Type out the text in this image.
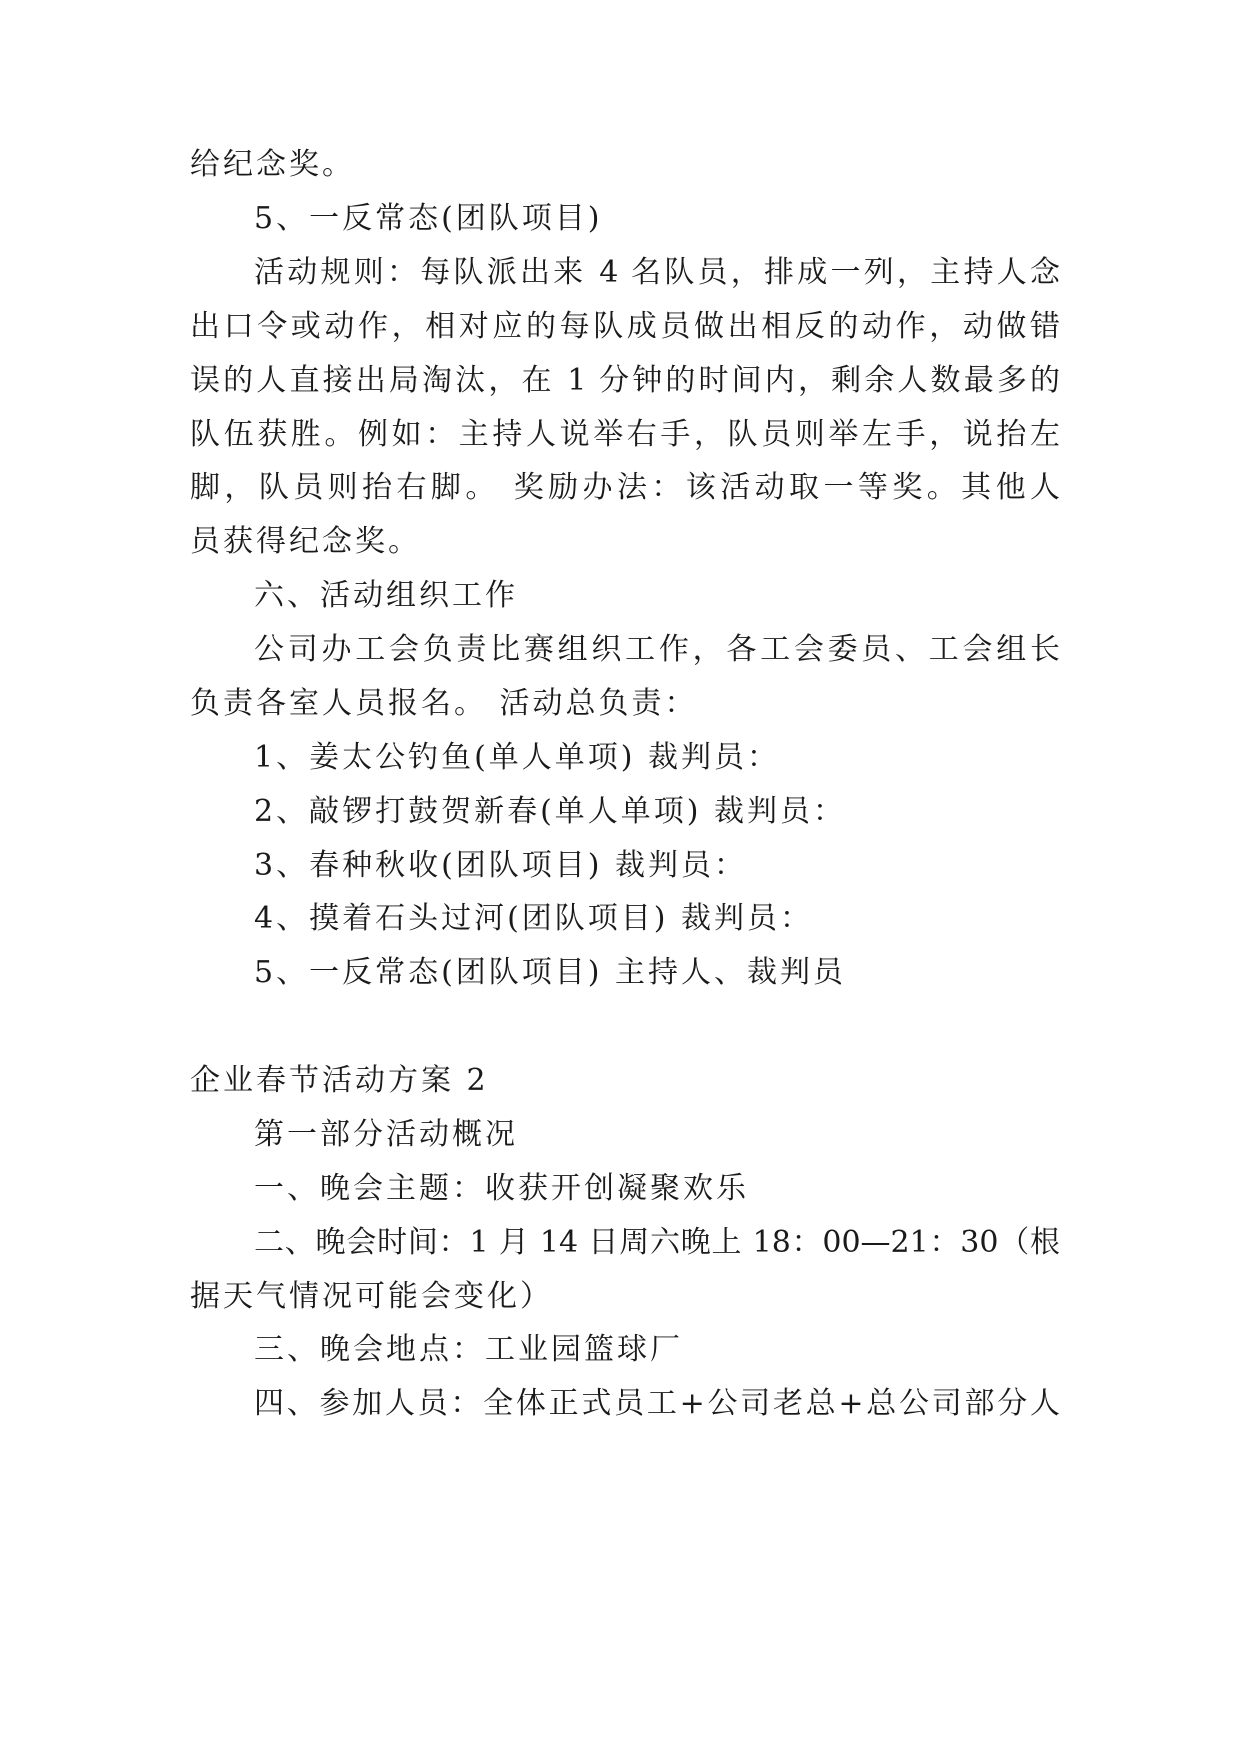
给纪念奖。
5、一反常态(团队项目)
活动规则：每队派出来 4 名队员，排成一列，主持人念
出口令或动作，相对应的每队成员做出相反的动作，动做错
误的人直接出局淘汰，在 1 分钟的时间内，剩余人数最多的
队伍获胜。例如：主持人说举右手，队员则举左手，说抬左
脚，队员则抬右脚。 奖励办法：该活动取一等奖。其他人
员获得纪念奖。
六、活动组织工作
公司办工会负责比赛组织工作，各工会委员、工会组长
负责各室人员报名。 活动总负责：
1、姜太公钓鱼(单人单项) 裁判员：
2、敲锣打鼓贺新春(单人单项) 裁判员：
3、春种秋收(团队项目) 裁判员：
4、摸着石头过河(团队项目) 裁判员：
5、一反常态(团队项目) 主持人、裁判员
企业春节活动方案 2
第一部分活动概况
一、晚会主题：收获开创凝聚欢乐
二、晚会时间：1 月 14 日周六晚上 18：00—21：30（根
据天气情况可能会变化）
三、晚会地点：工业园篮球厂
四、参加人员：全体正式员工+公司老总+总公司部分人
